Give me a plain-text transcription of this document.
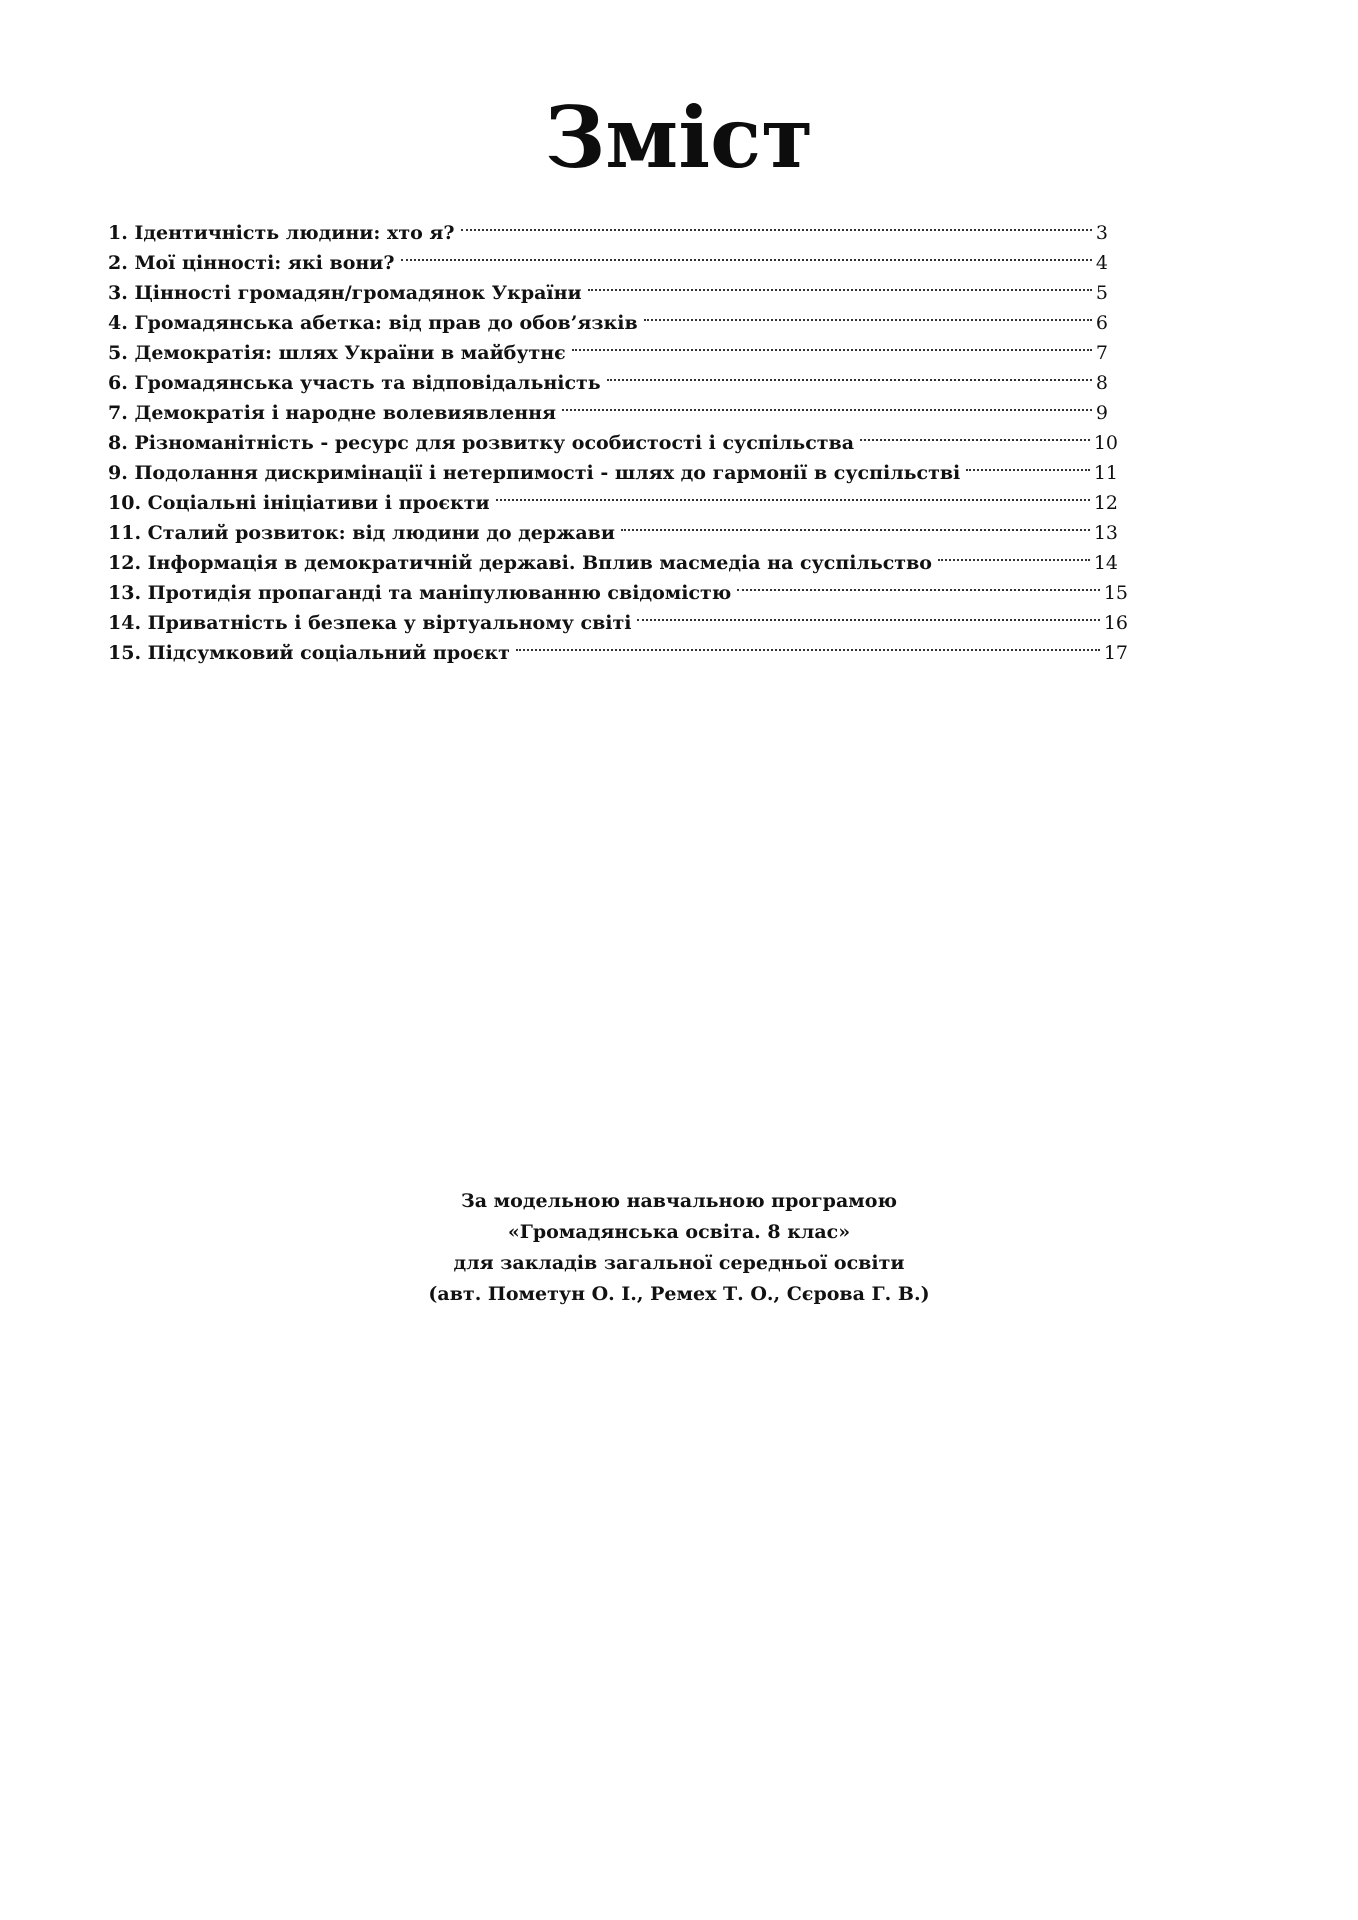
Зміст
1. Ідентичність людини: хто я?	3
2. Мої цінності: які вони?	4
3. Цінності громадян/громадянок України	5
4. Громадянська абетка: від прав до обов’язків	6
5. Демократія: шлях України в майбутнє	7
6. Громадянська участь та відповідальність	8
7. Демократія і народне волевиявлення	9
8. Різноманітність - ресурс для розвитку особистості і суспільства	10
9. Подолання дискримінації і нетерпимості - шлях до гармонії в суспільстві	11
10. Соціальні ініціативи і проєкти	12
11. Сталий розвиток: від людини до держави	13
12. Інформація в демократичній державі. Вплив масмедіа на суспільство	14
13. Протидія пропаганді та маніпулюванню свідомістю	15
14. Приватність і безпека у віртуальному світі	16
15. Підсумковий соціальний проєкт	17
За модельною навчальною програмою
«Громадянська освіта. 8 клас»
для закладів загальної середньої освіти
(авт. Пометун О. І., Ремех Т. О., Сєрова Г. В.)
